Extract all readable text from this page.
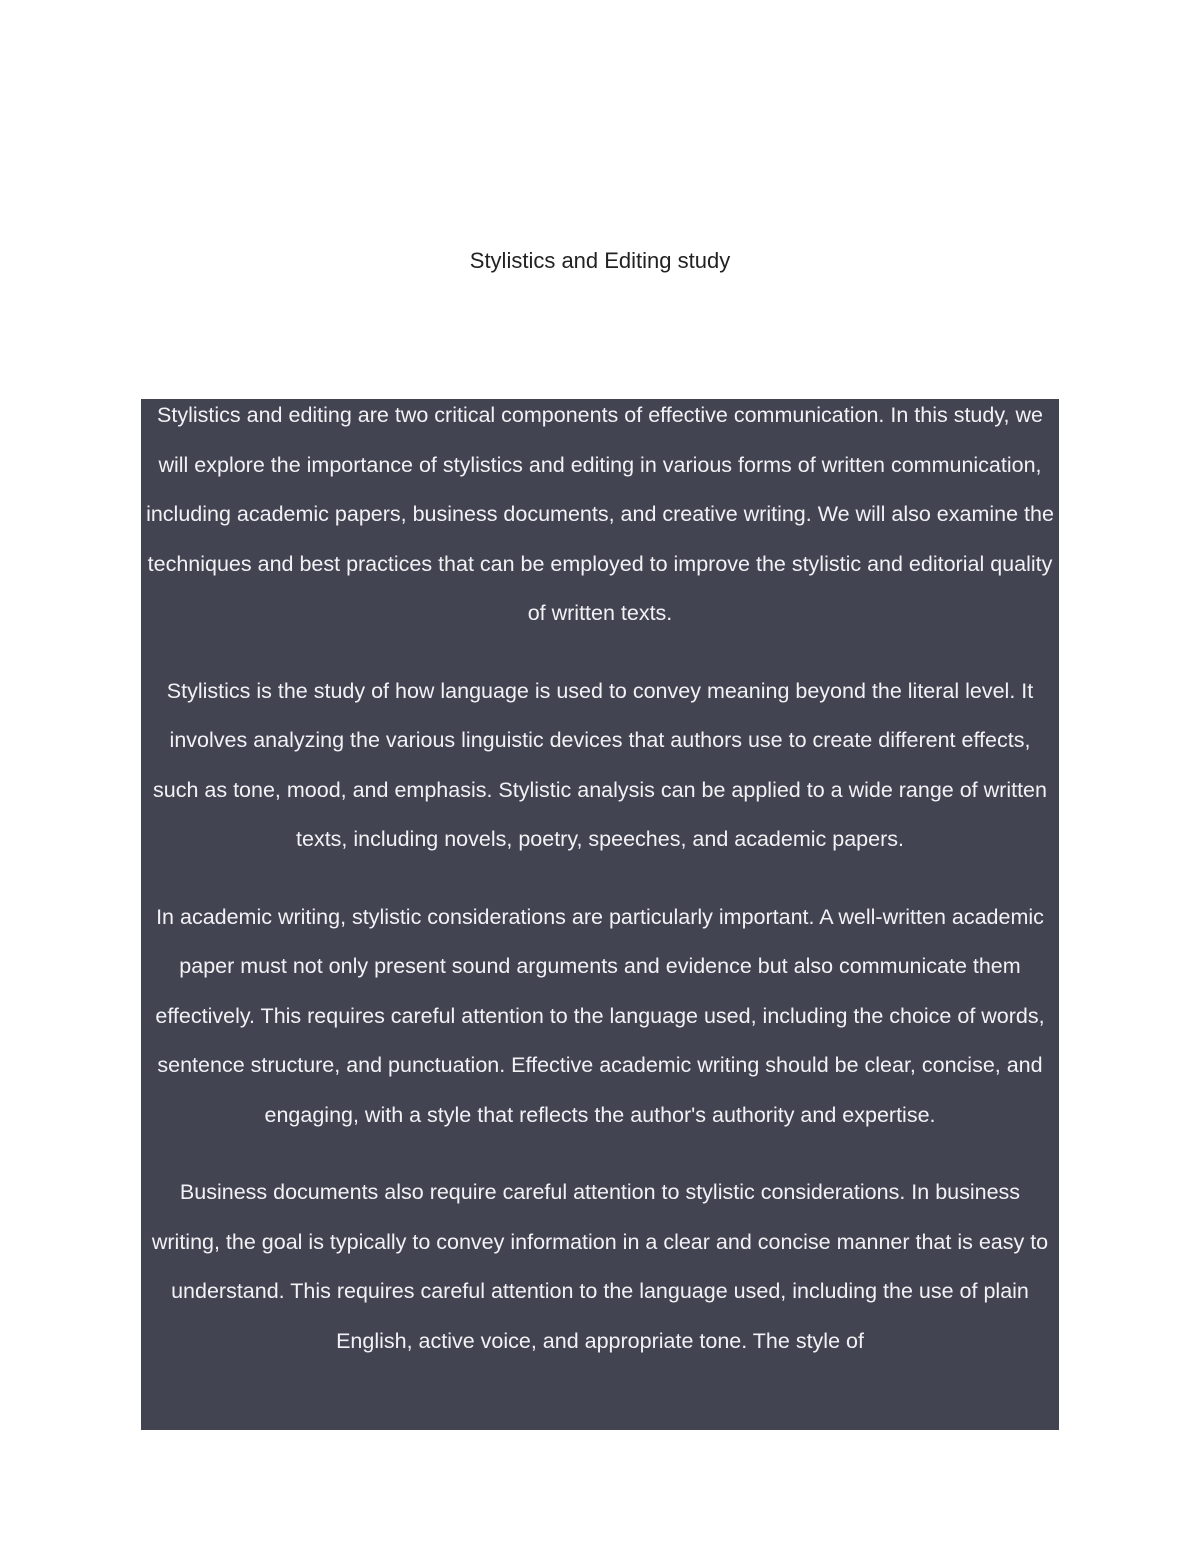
Stylistics and Editing study

Stylistics and editing are two critical components of effective communication. In this study, we will explore the importance of stylistics and editing in various forms of written communication, including academic papers, business documents, and creative writing. We will also examine the techniques and best practices that can be employed to improve the stylistic and editorial quality of written texts.

Stylistics is the study of how language is used to convey meaning beyond the literal level. It involves analyzing the various linguistic devices that authors use to create different effects, such as tone, mood, and emphasis. Stylistic analysis can be applied to a wide range of written texts, including novels, poetry, speeches, and academic papers.

In academic writing, stylistic considerations are particularly important. A well-written academic paper must not only present sound arguments and evidence but also communicate them effectively. This requires careful attention to the language used, including the choice of words, sentence structure, and punctuation. Effective academic writing should be clear, concise, and engaging, with a style that reflects the author's authority and expertise.

Business documents also require careful attention to stylistic considerations. In business writing, the goal is typically to convey information in a clear and concise manner that is easy to understand. This requires careful attention to the language used, including the use of plain English, active voice, and appropriate tone. The style of
